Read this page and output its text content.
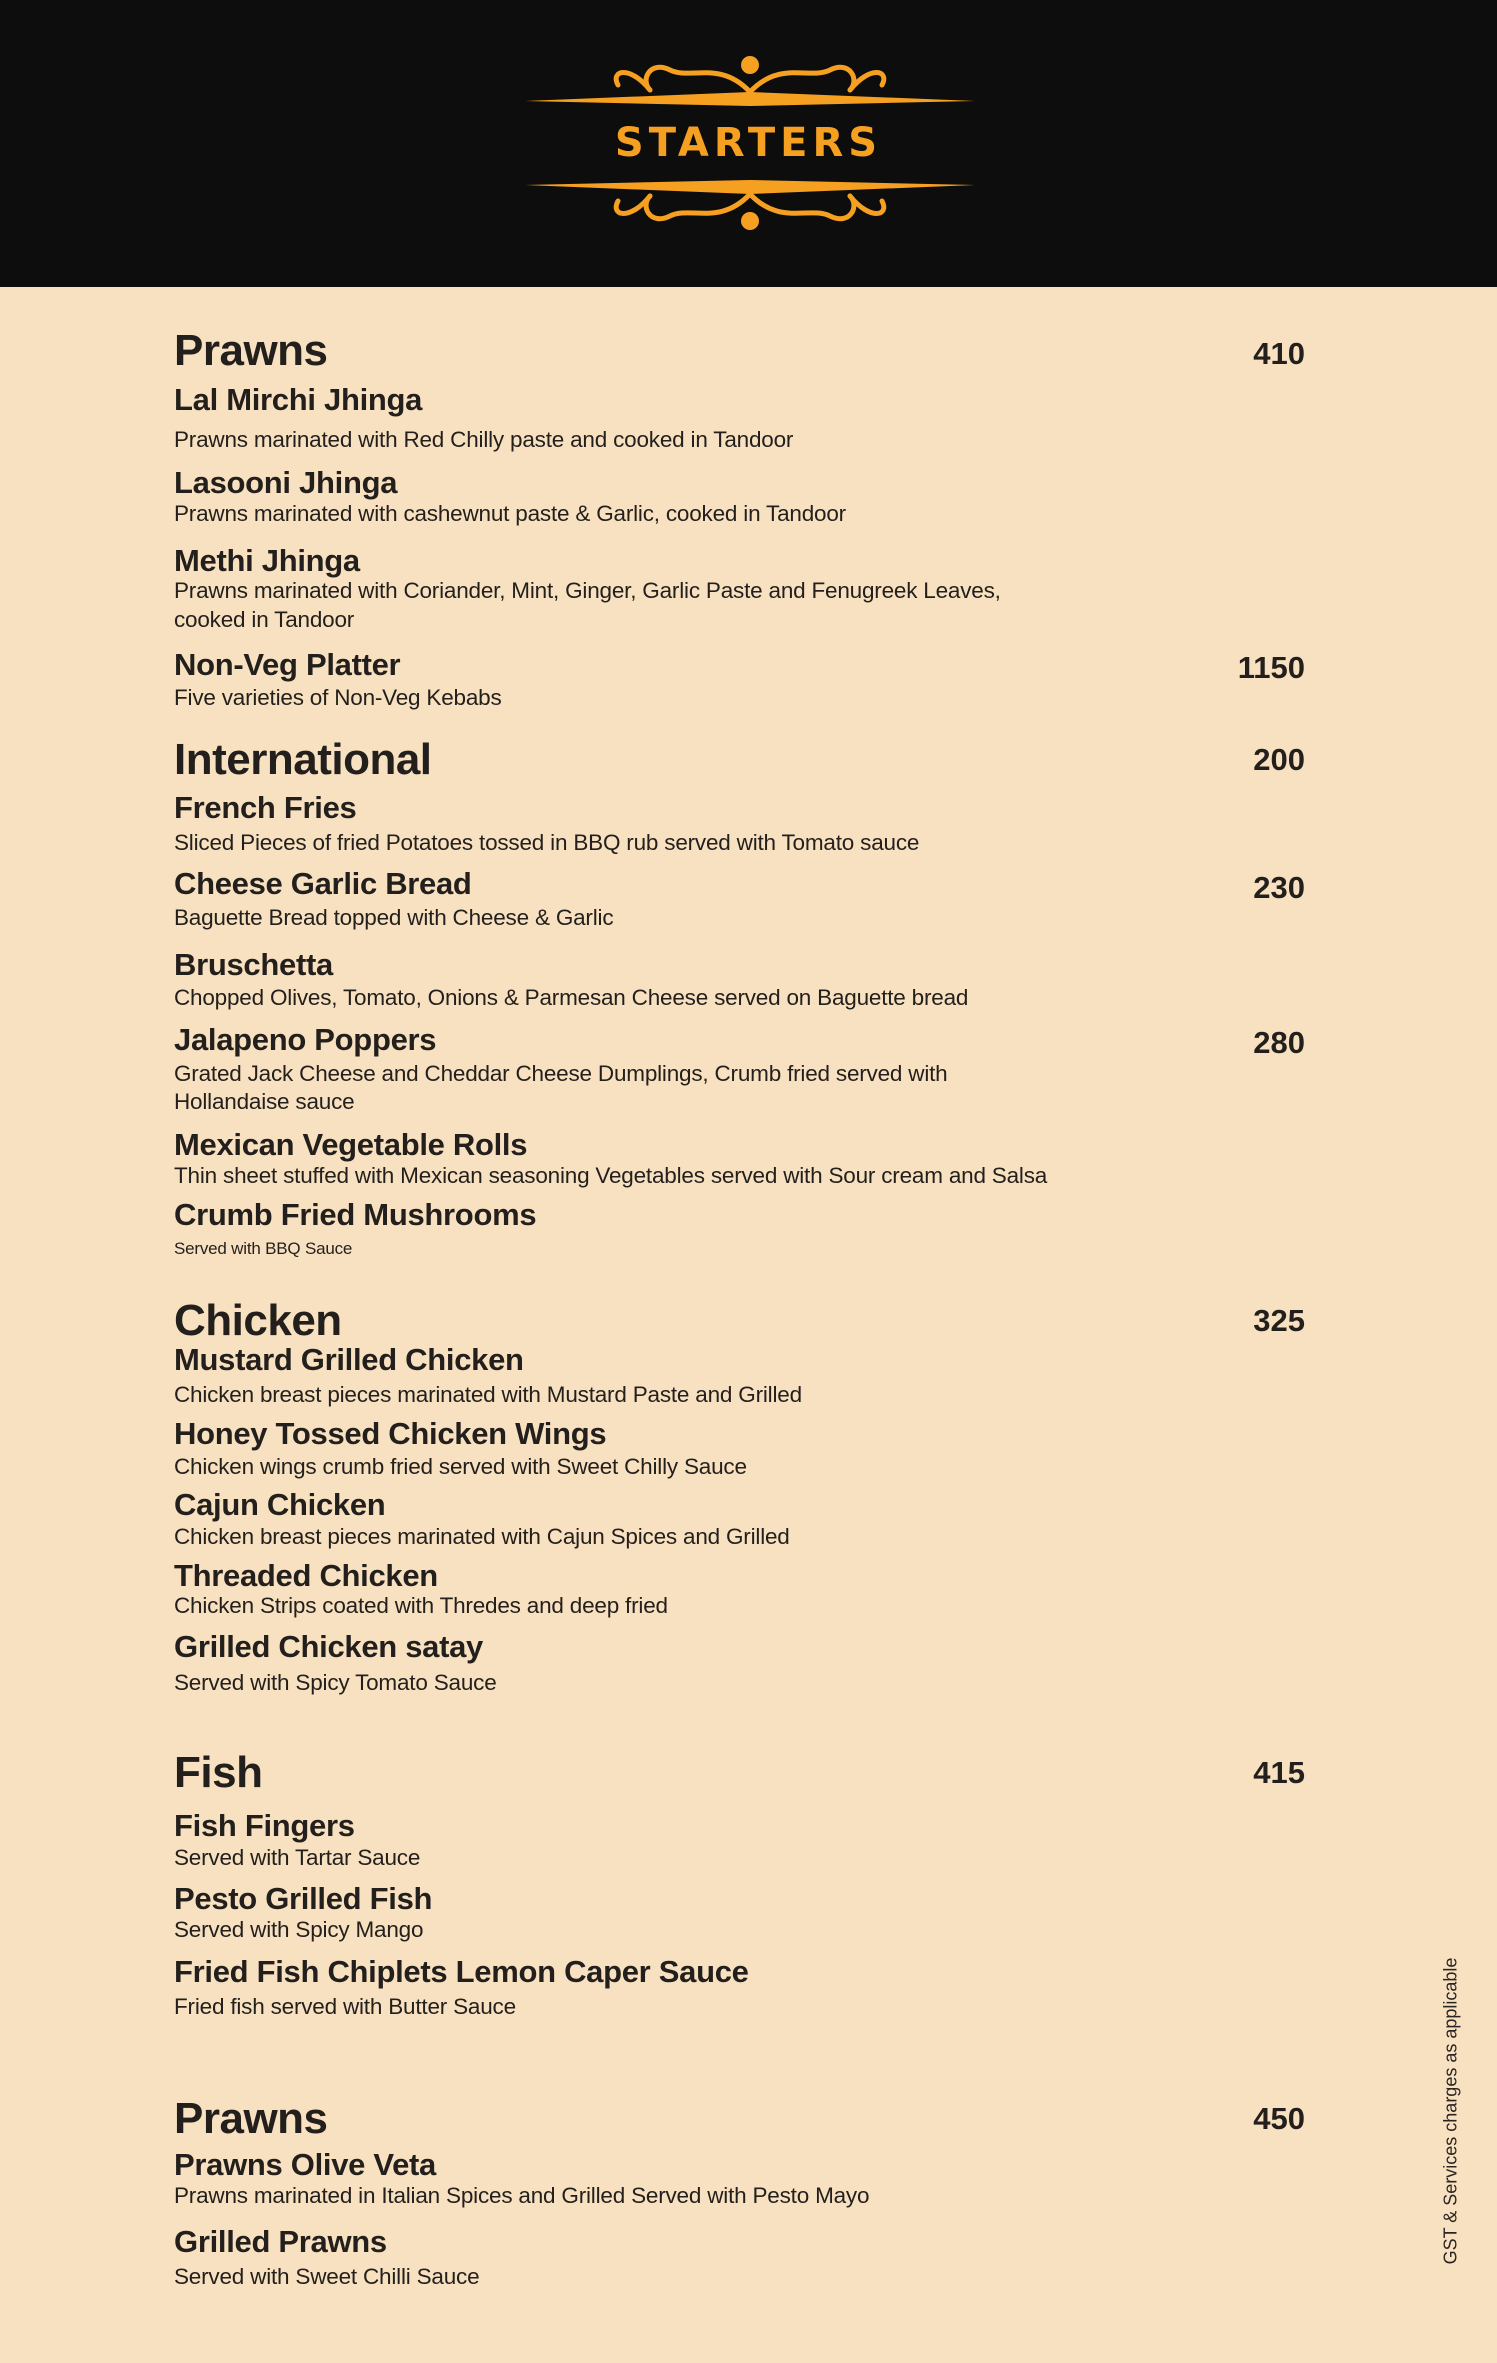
STARTERS
Prawns	410
Lal Mirchi Jhinga
Prawns marinated with Red Chilly paste and cooked in Tandoor
Lasooni Jhinga
Prawns marinated with cashewnut paste & Garlic, cooked in Tandoor
Methi Jhinga
Prawns marinated with Coriander, Mint, Ginger, Garlic Paste and Fenugreek Leaves,
cooked in Tandoor
Non-Veg Platter	1150
Five varieties of Non-Veg Kebabs
International	200
French Fries
Sliced Pieces of fried Potatoes tossed in BBQ rub served with Tomato sauce
Cheese Garlic Bread	230
Baguette Bread topped with Cheese & Garlic
Bruschetta
Chopped Olives, Tomato, Onions & Parmesan Cheese served on Baguette bread
Jalapeno Poppers	280
Grated Jack Cheese and Cheddar Cheese Dumplings, Crumb fried served with
Hollandaise sauce
Mexican Vegetable Rolls
Thin sheet stuffed with Mexican seasoning Vegetables served with Sour cream and Salsa
Crumb Fried Mushrooms
Served with BBQ Sauce
Chicken	325
Mustard Grilled Chicken
Chicken breast pieces marinated with Mustard Paste and Grilled
Honey Tossed Chicken Wings
Chicken wings crumb fried served with Sweet Chilly Sauce
Cajun Chicken
Chicken breast pieces marinated with Cajun Spices and Grilled
Threaded Chicken
Chicken Strips coated with Thredes and deep fried
Grilled Chicken satay
Served with Spicy Tomato Sauce
Fish	415
Fish Fingers
Served with Tartar Sauce
Pesto Grilled Fish
Served with Spicy Mango
Fried Fish Chiplets Lemon Caper Sauce
Fried fish served with Butter Sauce
Prawns	450
Prawns Olive Veta
Prawns marinated in Italian Spices and Grilled Served with Pesto Mayo
Grilled Prawns
Served with Sweet Chilli Sauce
GST & Services charges as applicable
